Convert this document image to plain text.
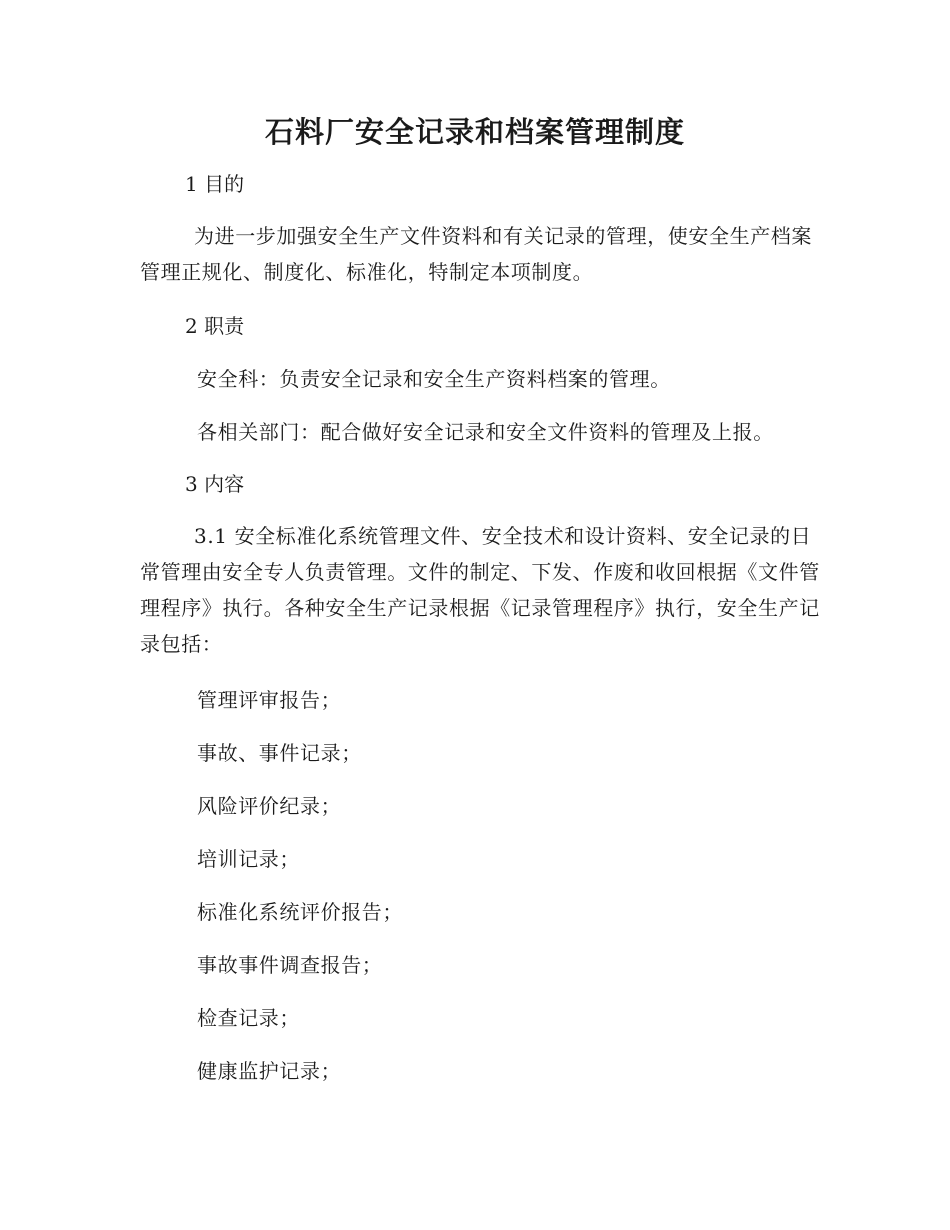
石料厂安全记录和档案管理制度

1 目的

为进一步加强安全生产文件资料和有关记录的管理，使安全生产档案管理正规化、制度化、标准化，特制定本项制度。

2 职责

安全科：负责安全记录和安全生产资料档案的管理。

各相关部门：配合做好安全记录和安全文件资料的管理及上报。

3 内容

3.1 安全标准化系统管理文件、安全技术和设计资料、安全记录的日常管理由安全专人负责管理。文件的制定、下发、作废和收回根据《文件管理程序》执行。各种安全生产记录根据《记录管理程序》执行，安全生产记录包括：

管理评审报告；

事故、事件记录；

风险评价纪录；

培训记录；

标准化系统评价报告；

事故事件调查报告；

检查记录；

健康监护记录；
